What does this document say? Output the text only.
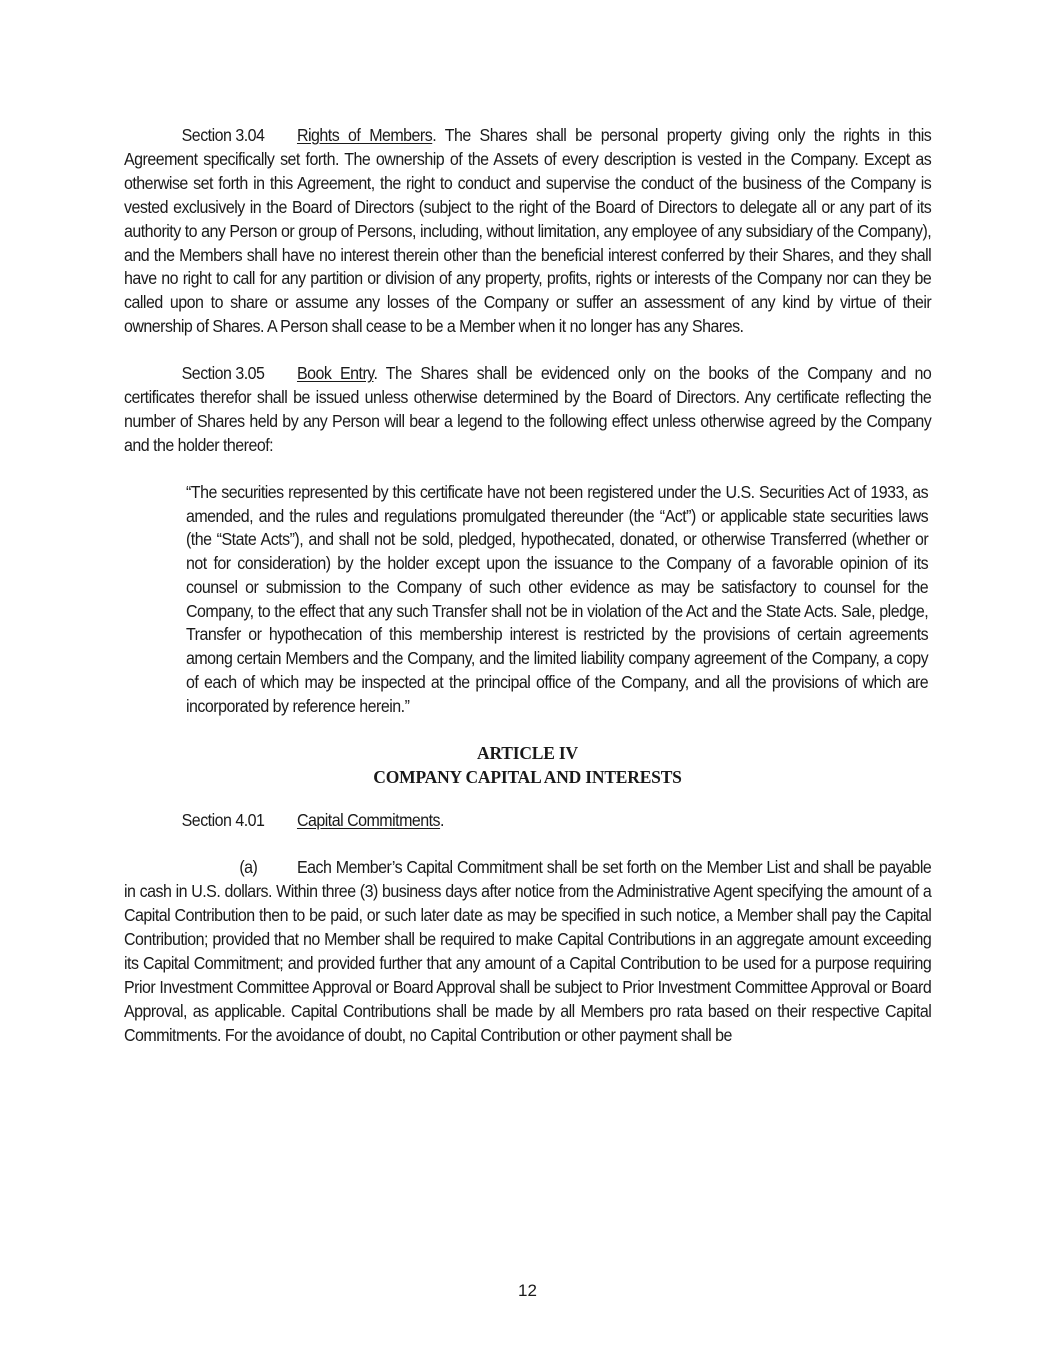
Section 3.04 Rights of Members. The Shares shall be personal property giving only the rights in this Agreement specifically set forth. The ownership of the Assets of every description is vested in the Company. Except as otherwise set forth in this Agreement, the right to conduct and supervise the conduct of the business of the Company is vested exclusively in the Board of Directors (subject to the right of the Board of Directors to delegate all or any part of its authority to any Person or group of Persons, including, without limitation, any employee of any subsidiary of the Company), and the Members shall have no interest therein other than the beneficial interest conferred by their Shares, and they shall have no right to call for any partition or division of any property, profits, rights or interests of the Company nor can they be called upon to share or assume any losses of the Company or suffer an assessment of any kind by virtue of their ownership of Shares. A Person shall cease to be a Member when it no longer has any Shares.

Section 3.05 Book Entry. The Shares shall be evidenced only on the books of the Company and no certificates therefor shall be issued unless otherwise determined by the Board of Directors. Any certificate reflecting the number of Shares held by any Person will bear a legend to the following effect unless otherwise agreed by the Company and the holder thereof:

“The securities represented by this certificate have not been registered under the U.S. Securities Act of 1933, as amended, and the rules and regulations promulgated thereunder (the “Act”) or applicable state securities laws (the “State Acts”), and shall not be sold, pledged, hypothecated, donated, or otherwise Transferred (whether or not for consideration) by the holder except upon the issuance to the Company of a favorable opinion of its counsel or submission to the Company of such other evidence as may be satisfactory to counsel for the Company, to the effect that any such Transfer shall not be in violation of the Act and the State Acts. Sale, pledge, Transfer or hypothecation of this membership interest is restricted by the provisions of certain agreements among certain Members and the Company, and the limited liability company agreement of the Company, a copy of each of which may be inspected at the principal office of the Company, and all the provisions of which are incorporated by reference herein.”

ARTICLE IV
COMPANY CAPITAL AND INTERESTS

Section 4.01 Capital Commitments.

(a) Each Member’s Capital Commitment shall be set forth on the Member List and shall be payable in cash in U.S. dollars. Within three (3) business days after notice from the Administrative Agent specifying the amount of a Capital Contribution then to be paid, or such later date as may be specified in such notice, a Member shall pay the Capital Contribution; provided that no Member shall be required to make Capital Contributions in an aggregate amount exceeding its Capital Commitment; and provided further that any amount of a Capital Contribution to be used for a purpose requiring Prior Investment Committee Approval or Board Approval shall be subject to Prior Investment Committee Approval or Board Approval, as applicable. Capital Contributions shall be made by all Members pro rata based on their respective Capital Commitments. For the avoidance of doubt, no Capital Contribution or other payment shall be

12
